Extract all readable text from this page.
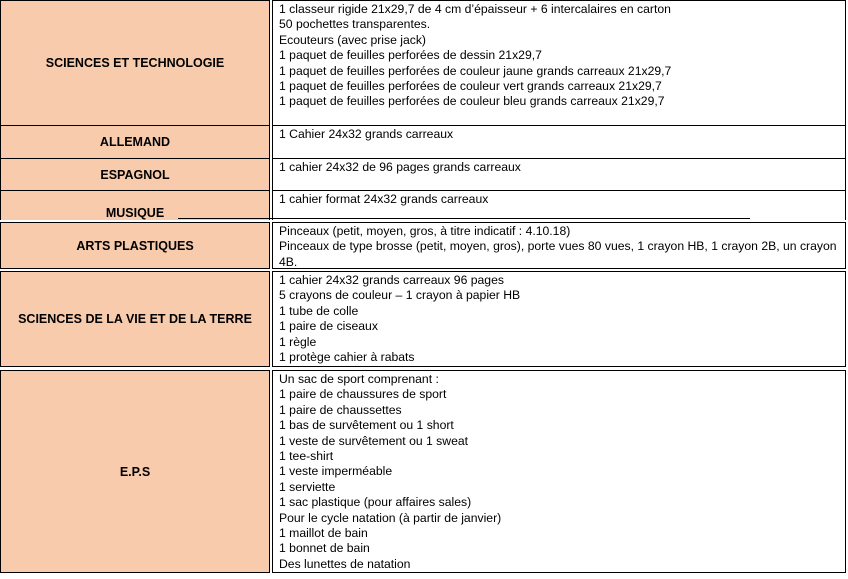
SCIENCES ET TECHNOLOGIE
1 classeur rigide 21x29,7 de 4 cm d’épaisseur + 6 intercalaires en carton
50 pochettes transparentes.
Ecouteurs (avec prise jack)
1 paquet de feuilles perforées de dessin 21x29,7
1 paquet de feuilles perforées de couleur jaune grands carreaux 21x29,7
1 paquet de feuilles perforées de couleur vert grands carreaux 21x29,7
1 paquet de feuilles perforées de couleur bleu grands carreaux 21x29,7
ALLEMAND
1 Cahier 24x32 grands carreaux
ESPAGNOL
1 cahier 24x32 de 96 pages grands carreaux
MUSIQUE
1 cahier format 24x32 grands carreaux
ARTS PLASTIQUES
Pinceaux (petit, moyen, gros, à titre indicatif : 4.10.18)
Pinceaux de type brosse (petit, moyen, gros), porte vues 80 vues, 1 crayon HB, 1 crayon 2B, un crayon 4B.
SCIENCES DE LA VIE ET DE LA TERRE
1 cahier 24x32 grands carreaux 96 pages
5 crayons de couleur – 1 crayon à papier HB
1 tube de colle
1 paire de ciseaux
1 règle
1 protège cahier à rabats
E.P.S
Un sac de sport comprenant :
1 paire de chaussures de sport
1 paire de chaussettes
1 bas de survêtement ou 1 short
1 veste de survêtement ou 1 sweat
1 tee-shirt
1 veste imperméable
1 serviette
1 sac plastique (pour affaires sales)
Pour le cycle natation (à partir de janvier)
1 maillot de bain
1 bonnet de bain
Des lunettes de natation
